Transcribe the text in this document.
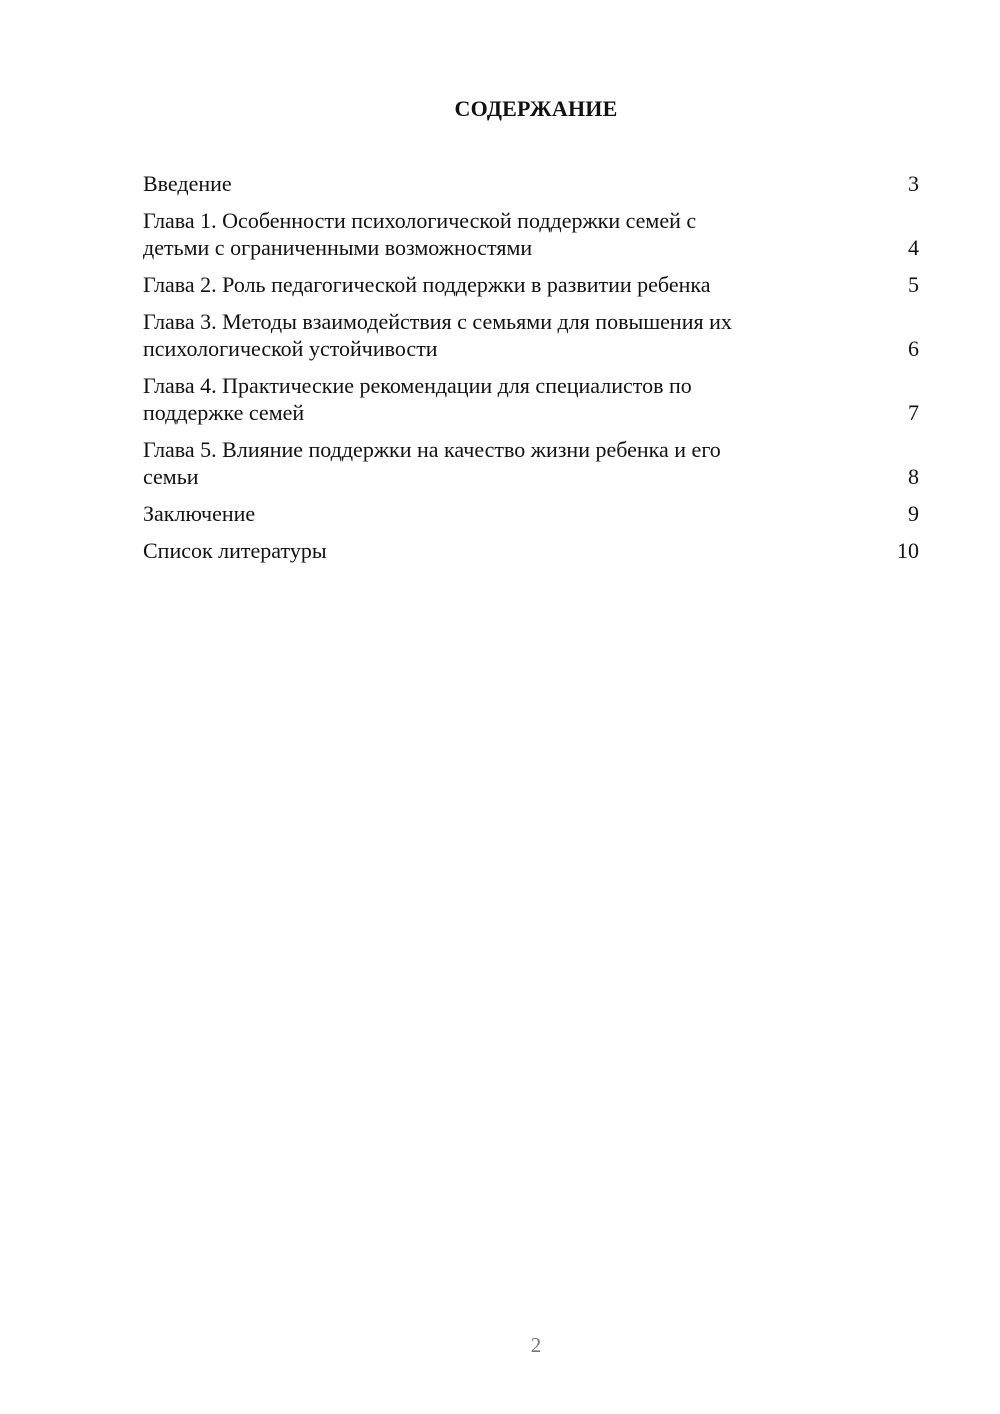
СОДЕРЖАНИЕ
Введение	3
Глава 1. Особенности психологической поддержки семей с
детьми с ограниченными возможностями	4
Глава 2. Роль педагогической поддержки в развитии ребенка	5
Глава 3. Методы взаимодействия с семьями для повышения их
психологической устойчивости	6
Глава 4. Практические рекомендации для специалистов по
поддержке семей	7
Глава 5. Влияние поддержки на качество жизни ребенка и его
семьи	8
Заключение	9
Список литературы	10
2
